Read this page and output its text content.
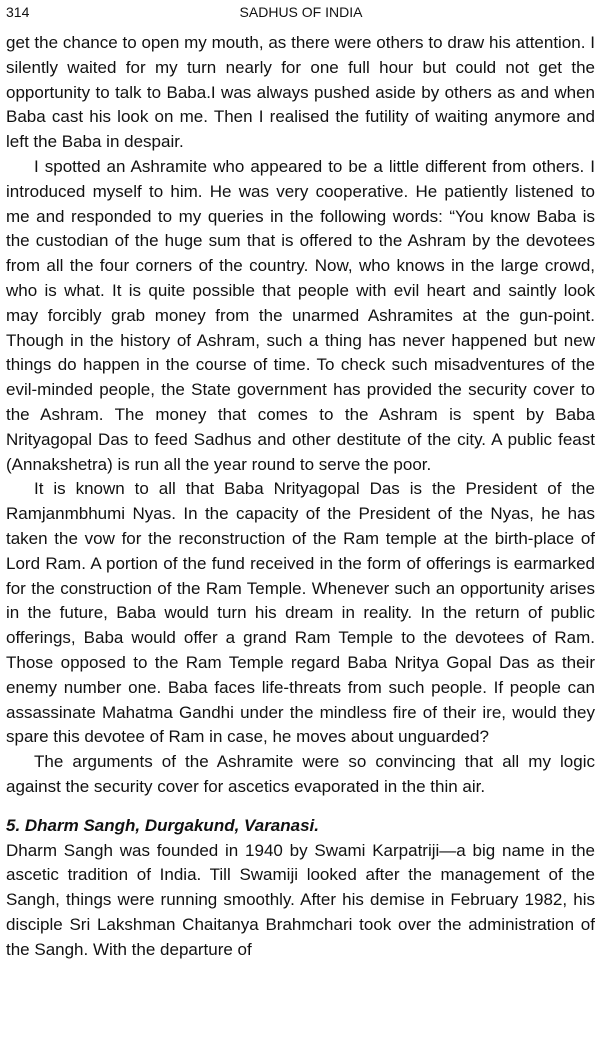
314	SADHUS OF INDIA

get the chance to open my mouth, as there were others to draw his attention. I silently waited for my turn nearly for one full hour but could not get the opportunity to talk to Baba.I was always pushed aside by others as and when Baba cast his look on me. Then I realised the futility of waiting anymore and left the Baba in despair.

I spotted an Ashramite who appeared to be a little different from others. I introduced myself to him. He was very cooperative. He patiently listened to me and responded to my queries in the following words: “You know Baba is the custodian of the huge sum that is offered to the Ashram by the devotees from all the four corners of the country. Now, who knows in the large crowd, who is what. It is quite possible that people with evil heart and saintly look may forcibly grab money from the unarmed Ashramites at the gun-point. Though in the history of Ashram, such a thing has never happened but new things do happen in the course of time. To check such misadventures of the evil-minded people, the State government has provided the security cover to the Ashram. The money that comes to the Ashram is spent by Baba Nrityagopal Das to feed Sadhus and other destitute of the city. A public feast (Annakshetra) is run all the year round to serve the poor.

It is known to all that Baba Nrityagopal Das is the President of the Ramjanmbhumi Nyas. In the capacity of the President of the Nyas, he has taken the vow for the reconstruction of the Ram temple at the birth-place of Lord Ram. A portion of the fund received in the form of offerings is earmarked for the construction of the Ram Temple. Whenever such an opportunity arises in the future, Baba would turn his dream in reality. In the return of public offerings, Baba would offer a grand Ram Temple to the devotees of Ram. Those opposed to the Ram Temple regard Baba Nritya Gopal Das as their enemy number one. Baba faces life-threats from such people. If people can assassinate Mahatma Gandhi under the mindless fire of their ire, would they spare this devotee of Ram in case, he moves about unguarded?

The arguments of the Ashramite were so convincing that all my logic against the security cover for ascetics evaporated in the thin air.

5. Dharm Sangh, Durgakund, Varanasi.

Dharm Sangh was founded in 1940 by Swami Karpatriji—a big name in the ascetic tradition of India. Till Swamiji looked after the management of the Sangh, things were running smoothly. After his demise in February 1982, his disciple Sri Lakshman Chaitanya Brahmchari took over the administration of the Sangh. With the departure of
